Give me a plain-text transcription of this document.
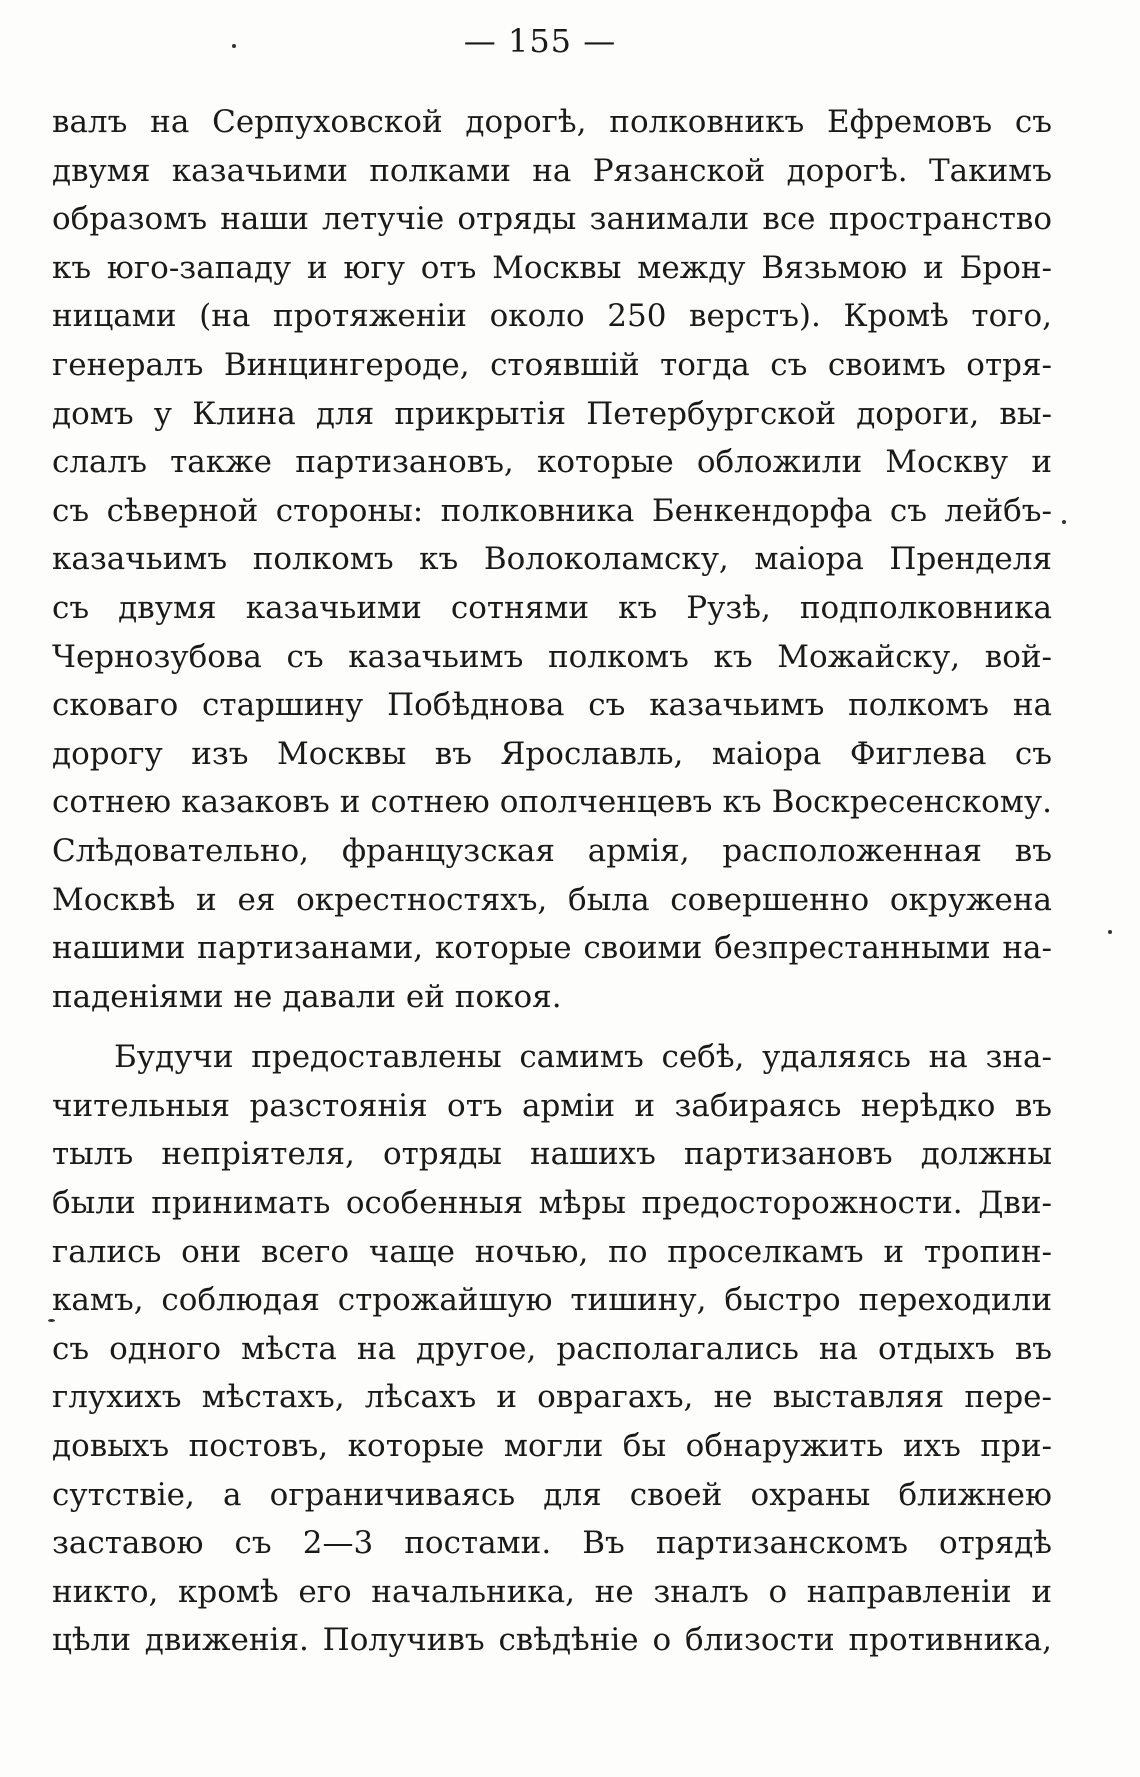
— 155 —
валъ на Серпуховской дорогѣ, полковникъ Ефремовъ съ
двумя казачьими полками на Рязанской дорогѣ. Такимъ
образомъ наши летучіе отряды занимали все пространство
къ юго-западу и югу отъ Москвы между Вязьмою и Брон-
ницами (на протяженіи около 250 верстъ). Кромѣ того,
генералъ Винцингероде, стоявшій тогда съ своимъ отря-
домъ у Клина для прикрытія Петербургской дороги, вы-
слалъ также партизановъ, которые обложили Москву и
съ сѣверной стороны: полковника Бенкендорфа съ лейбъ-
казачьимъ полкомъ къ Волоколамску, маіора Пренделя
съ двумя казачьими сотнями къ Рузѣ, подполковника
Чернозубова съ казачьимъ полкомъ къ Можайску, вой-
сковаго старшину Побѣднова съ казачьимъ полкомъ на
дорогу изъ Москвы въ Ярославль, маіора Фиглева съ
сотнею казаковъ и сотнею ополченцевъ къ Воскресенскому.
Слѣдовательно, французская армія, расположенная въ
Москвѣ и ея окрестностяхъ, была совершенно окружена
нашими партизанами, которые своими безпрестанными на-
паденіями не давали ей покоя.
Будучи предоставлены самимъ себѣ, удаляясь на зна-
чительныя разстоянія отъ арміи и забираясь нерѣдко въ
тылъ непріятеля, отряды нашихъ партизановъ должны
были принимать особенныя мѣры предосторожности. Дви-
гались они всего чаще ночью, по проселкамъ и тропин-
камъ, соблюдая строжайшую тишину, быстро переходили
съ одного мѣста на другое, располагались на отдыхъ въ
глухихъ мѣстахъ, лѣсахъ и оврагахъ, не выставляя пере-
довыхъ постовъ, которые могли бы обнаружить ихъ при-
сутствіе, а ограничиваясь для своей охраны ближнею
заставою съ 2—3 постами. Въ партизанскомъ отрядѣ
никто, кромѣ его начальника, не зналъ о направленіи и
цѣли движенія. Получивъ свѣдѣніе о близости противника,
